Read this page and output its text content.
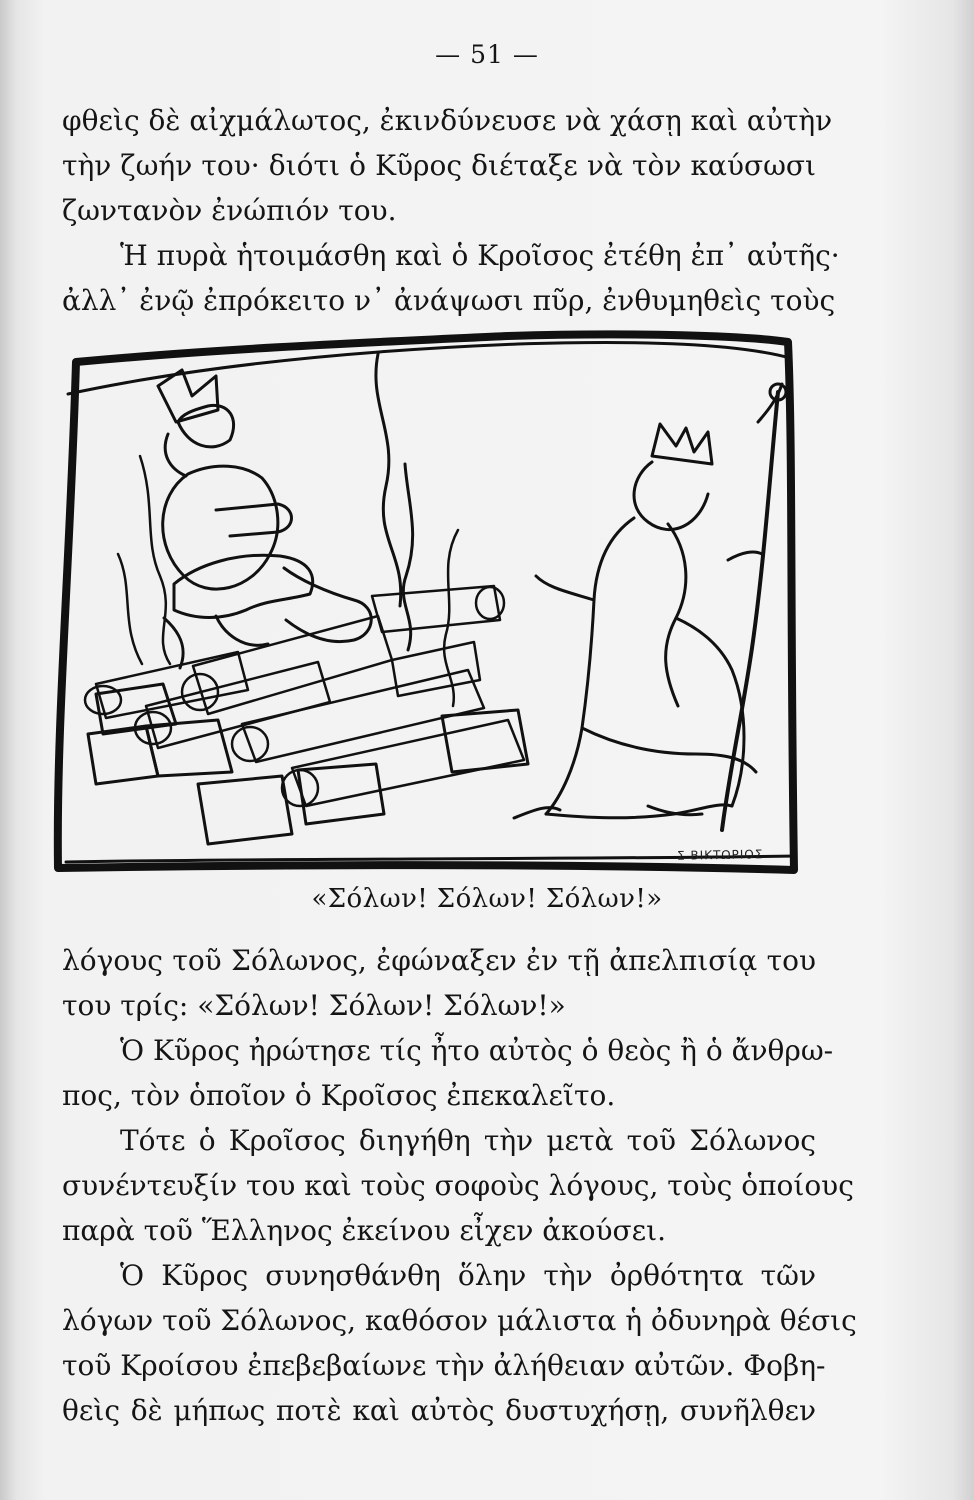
— 51 —
φθεὶς δὲ αἰχμάλωτος, ἐκινδύνευσε νὰ χάσῃ καὶ αὐτὴν
τὴν ζωήν του· διότι ὁ Κῦρος διέταξε νὰ τὸν καύσωσι
ζωντανὸν ἐνώπιόν του.
Ἡ πυρὰ ἡτοιμάσθη καὶ ὁ Κροῖσος ἐτέθη ἐπ᾽ αὐτῆς·
ἀλλ᾽ ἐνῷ ἐπρόκειτο ν᾽ ἀνάψωσι πῦρ, ἐνθυμηθεὶς τοὺς
Σ ΒΙΚΤΩΡΙΟΣ
«Σόλων! Σόλων! Σόλων!»
λόγους τοῦ Σόλωνος, ἐφώναξεν ἐν τῇ ἀπελπισίᾳ του
του τρίς: «Σόλων! Σόλων! Σόλων!»
Ὁ Κῦρος ἠρώτησε τίς ἦτο αὐτὸς ὁ θεὸς ἢ ὁ ἄνθρω-
πος, τὸν ὁποῖον ὁ Κροῖσος ἐπεκαλεῖτο.
Τότε ὁ Κροῖσος διηγήθη τὴν μετὰ τοῦ Σόλωνος
συνέντευξίν του καὶ τοὺς σοφοὺς λόγους, τοὺς ὁποίους
παρὰ τοῦ Ἕλληνος ἐκείνου εἶχεν ἀκούσει.
Ὁ Κῦρος συνησθάνθη ὅλην τὴν ὀρθότητα τῶν
λόγων τοῦ Σόλωνος, καθόσον μάλιστα ἡ ὀδυνηρὰ θέσις
τοῦ Κροίσου ἐπεβεβαίωνε τὴν ἀλήθειαν αὐτῶν. Φοβη-
θεὶς δὲ μήπως ποτὲ καὶ αὐτὸς δυστυχήσῃ, συνῆλθεν
